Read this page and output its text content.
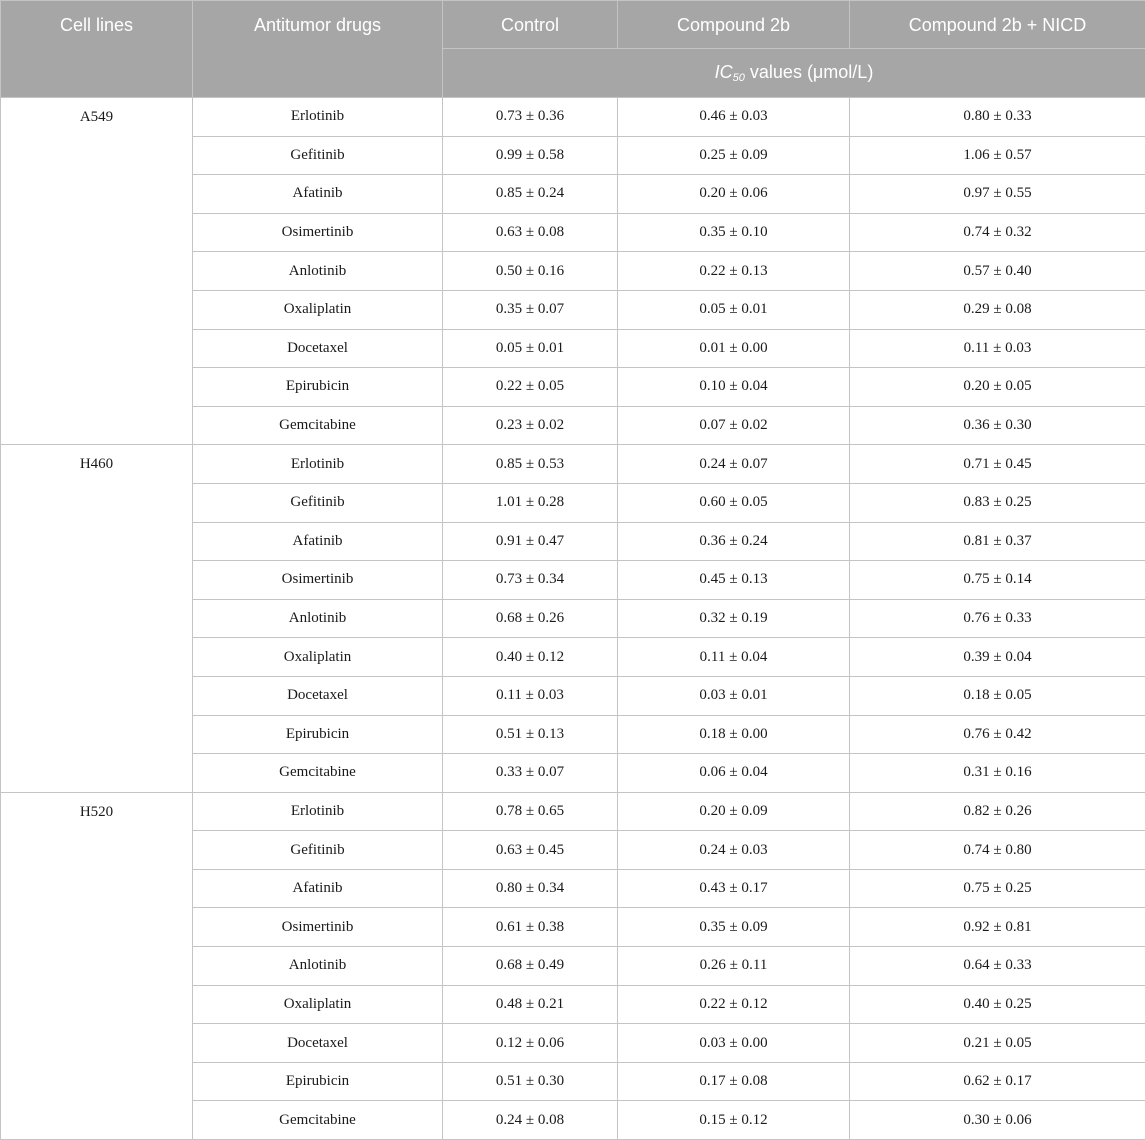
Cell lines	Antitumor drugs	Control	Compound 2b	Compound 2b + NICD

		$IC_{50}$ values (μmol/L)		

A549	Erlotinib	0.73 ± 0.36	0.46 ± 0.03	0.80 ± 0.33
	Gefitinib	0.99 ± 0.58	0.25 ± 0.09	1.06 ± 0.57
	Afatinib	0.85 ± 0.24	0.20 ± 0.06	0.97 ± 0.55
	Osimertinib	0.63 ± 0.08	0.35 ± 0.10	0.74 ± 0.32
	Anlotinib	0.50 ± 0.16	0.22 ± 0.13	0.57 ± 0.40
	Oxaliplatin	0.35 ± 0.07	0.05 ± 0.01	0.29 ± 0.08
	Docetaxel	0.05 ± 0.01	0.01 ± 0.00	0.11 ± 0.03
	Epirubicin	0.22 ± 0.05	0.10 ± 0.04	0.20 ± 0.05
	Gemcitabine	0.23 ± 0.02	0.07 ± 0.02	0.36 ± 0.30
H460	Erlotinib	0.85 ± 0.53	0.24 ± 0.07	0.71 ± 0.45
	Gefitinib	1.01 ± 0.28	0.60 ± 0.05	0.83 ± 0.25
	Afatinib	0.91 ± 0.47	0.36 ± 0.24	0.81 ± 0.37
	Osimertinib	0.73 ± 0.34	0.45 ± 0.13	0.75 ± 0.14
	Anlotinib	0.68 ± 0.26	0.32 ± 0.19	0.76 ± 0.33
	Oxaliplatin	0.40 ± 0.12	0.11 ± 0.04	0.39 ± 0.04
	Docetaxel	0.11 ± 0.03	0.03 ± 0.01	0.18 ± 0.05
	Epirubicin	0.51 ± 0.13	0.18 ± 0.00	0.76 ± 0.42
	Gemcitabine	0.33 ± 0.07	0.06 ± 0.04	0.31 ± 0.16
H520	Erlotinib	0.78 ± 0.65	0.20 ± 0.09	0.82 ± 0.26
	Gefitinib	0.63 ± 0.45	0.24 ± 0.03	0.74 ± 0.80
	Afatinib	0.80 ± 0.34	0.43 ± 0.17	0.75 ± 0.25
	Osimertinib	0.61 ± 0.38	0.35 ± 0.09	0.92 ± 0.81
	Anlotinib	0.68 ± 0.49	0.26 ± 0.11	0.64 ± 0.33
	Oxaliplatin	0.48 ± 0.21	0.22 ± 0.12	0.40 ± 0.25
	Docetaxel	0.12 ± 0.06	0.03 ± 0.00	0.21 ± 0.05
	Epirubicin	0.51 ± 0.30	0.17 ± 0.08	0.62 ± 0.17
	Gemcitabine	0.24 ± 0.08	0.15 ± 0.12	0.30 ± 0.06
